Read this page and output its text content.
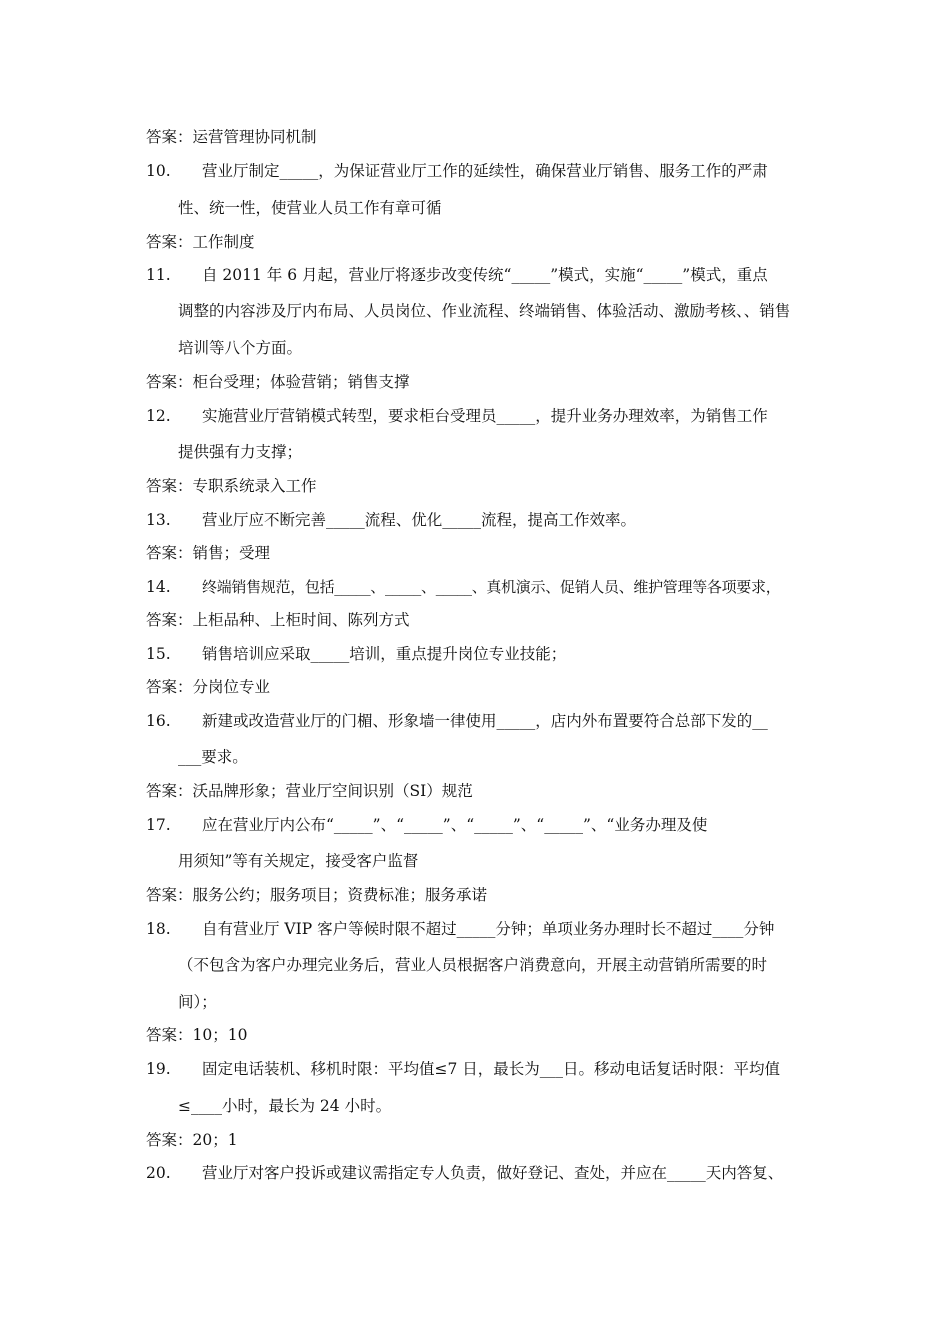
答案：运营管理协同机制
10. 营业厅制定_____，为保证营业厅工作的延续性，确保营业厅销售、服务工作的严肃
性、统一性，使营业人员工作有章可循
答案：工作制度
11. 自 2011 年 6 月起，营业厅将逐步改变传统“_____”模式，实施“_____”模式，重点
调整的内容涉及厅内布局、人员岗位、作业流程、终端销售、体验活动、激励考核、、销售
培训等八个方面。
答案：柜台受理；体验营销；销售支撑
12. 实施营业厅营销模式转型，要求柜台受理员_____，提升业务办理效率，为销售工作
提供强有力支撑；
答案：专职系统录入工作
13. 营业厅应不断完善_____流程、优化_____流程，提高工作效率。
答案：销售；受理
14. 终端销售规范，包括_____、_____、_____、真机演示、促销人员、维护管理等各项要求，
答案：上柜品种、上柜时间、陈列方式
15. 销售培训应采取_____培训，重点提升岗位专业技能；
答案：分岗位专业
16. 新建或改造营业厅的门楣、形象墙一律使用_____，店内外布置要符合总部下发的__
___要求。
答案：沃品牌形象；营业厅空间识别（SI）规范
17. 应在营业厅内公布“_____”、“_____”、“_____”、“_____”、“业务办理及使
用须知”等有关规定，接受客户监督
答案：服务公约；服务项目；资费标准；服务承诺
18. 自有营业厅 VIP 客户等候时限不超过_____分钟；单项业务办理时长不超过____分钟
（不包含为客户办理完业务后，营业人员根据客户消费意向，开展主动营销所需要的时
间）；
答案：10；10
19. 固定电话装机、移机时限：平均值≤7 日，最长为___日。移动电话复话时限：平均值
≤____小时，最长为 24 小时。
答案：20；1
20. 营业厅对客户投诉或建议需指定专人负责，做好登记、查处，并应在_____天内答复、
